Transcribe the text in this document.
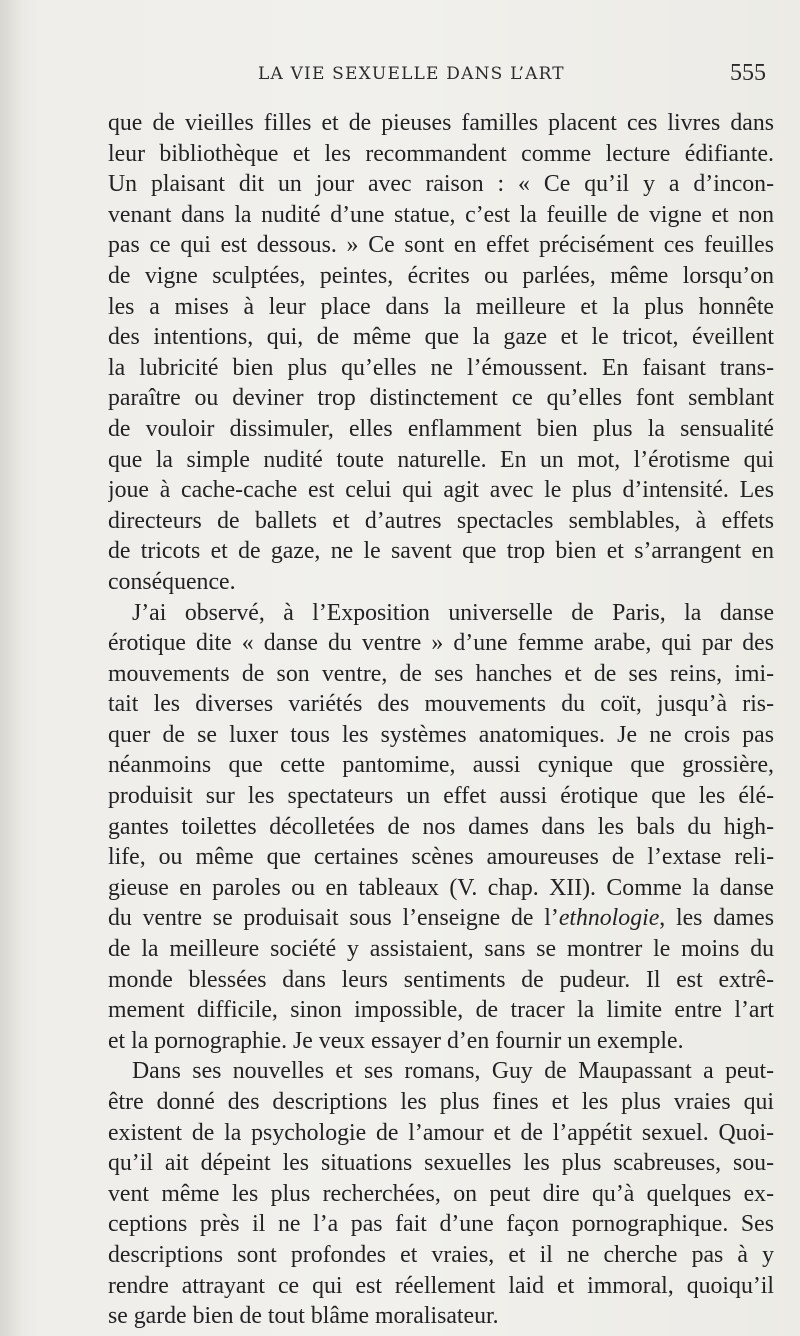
LA VIE SEXUELLE DANS L’ART	555

que de vieilles filles et de pieuses familles placent ces livres dans
leur bibliothèque et les recommandent comme lecture édifiante.
Un plaisant dit un jour avec raison : « Ce qu’il y a d’incon-
venant dans la nudité d’une statue, c’est la feuille de vigne et non
pas ce qui est dessous. » Ce sont en effet précisément ces feuilles
de vigne sculptées, peintes, écrites ou parlées, même lorsqu’on
les a mises à leur place dans la meilleure et la plus honnête
des intentions, qui, de même que la gaze et le tricot, éveillent
la lubricité bien plus qu’elles ne l’émoussent. En faisant trans-
paraître ou deviner trop distinctement ce qu’elles font semblant
de vouloir dissimuler, elles enflamment bien plus la sensualité
que la simple nudité toute naturelle. En un mot, l’érotisme qui
joue à cache-cache est celui qui agit avec le plus d’intensité. Les
directeurs de ballets et d’autres spectacles semblables, à effets
de tricots et de gaze, ne le savent que trop bien et s’arrangent en
conséquence.

J’ai observé, à l’Exposition universelle de Paris, la danse
érotique dite « danse du ventre » d’une femme arabe, qui par des
mouvements de son ventre, de ses hanches et de ses reins, imi-
tait les diverses variétés des mouvements du coït, jusqu’à ris-
quer de se luxer tous les systèmes anatomiques. Je ne crois pas
néanmoins que cette pantomime, aussi cynique que grossière,
produisit sur les spectateurs un effet aussi érotique que les élé-
gantes toilettes décolletées de nos dames dans les bals du high-
life, ou même que certaines scènes amoureuses de l’extase reli-
gieuse en paroles ou en tableaux (V. chap. XII). Comme la danse
du ventre se produisait sous l’enseigne de l’ethnologie, les dames
de la meilleure société y assistaient, sans se montrer le moins du
monde blessées dans leurs sentiments de pudeur. Il est extrê-
mement difficile, sinon impossible, de tracer la limite entre l’art
et la pornographie. Je veux essayer d’en fournir un exemple.

Dans ses nouvelles et ses romans, Guy de Maupassant a peut-
être donné des descriptions les plus fines et les plus vraies qui
existent de la psychologie de l’amour et de l’appétit sexuel. Quoi-
qu’il ait dépeint les situations sexuelles les plus scabreuses, sou-
vent même les plus recherchées, on peut dire qu’à quelques ex-
ceptions près il ne l’a pas fait d’une façon pornographique. Ses
descriptions sont profondes et vraies, et il ne cherche pas à y
rendre attrayant ce qui est réellement laid et immoral, quoiqu’il
se garde bien de tout blâme moralisateur.
